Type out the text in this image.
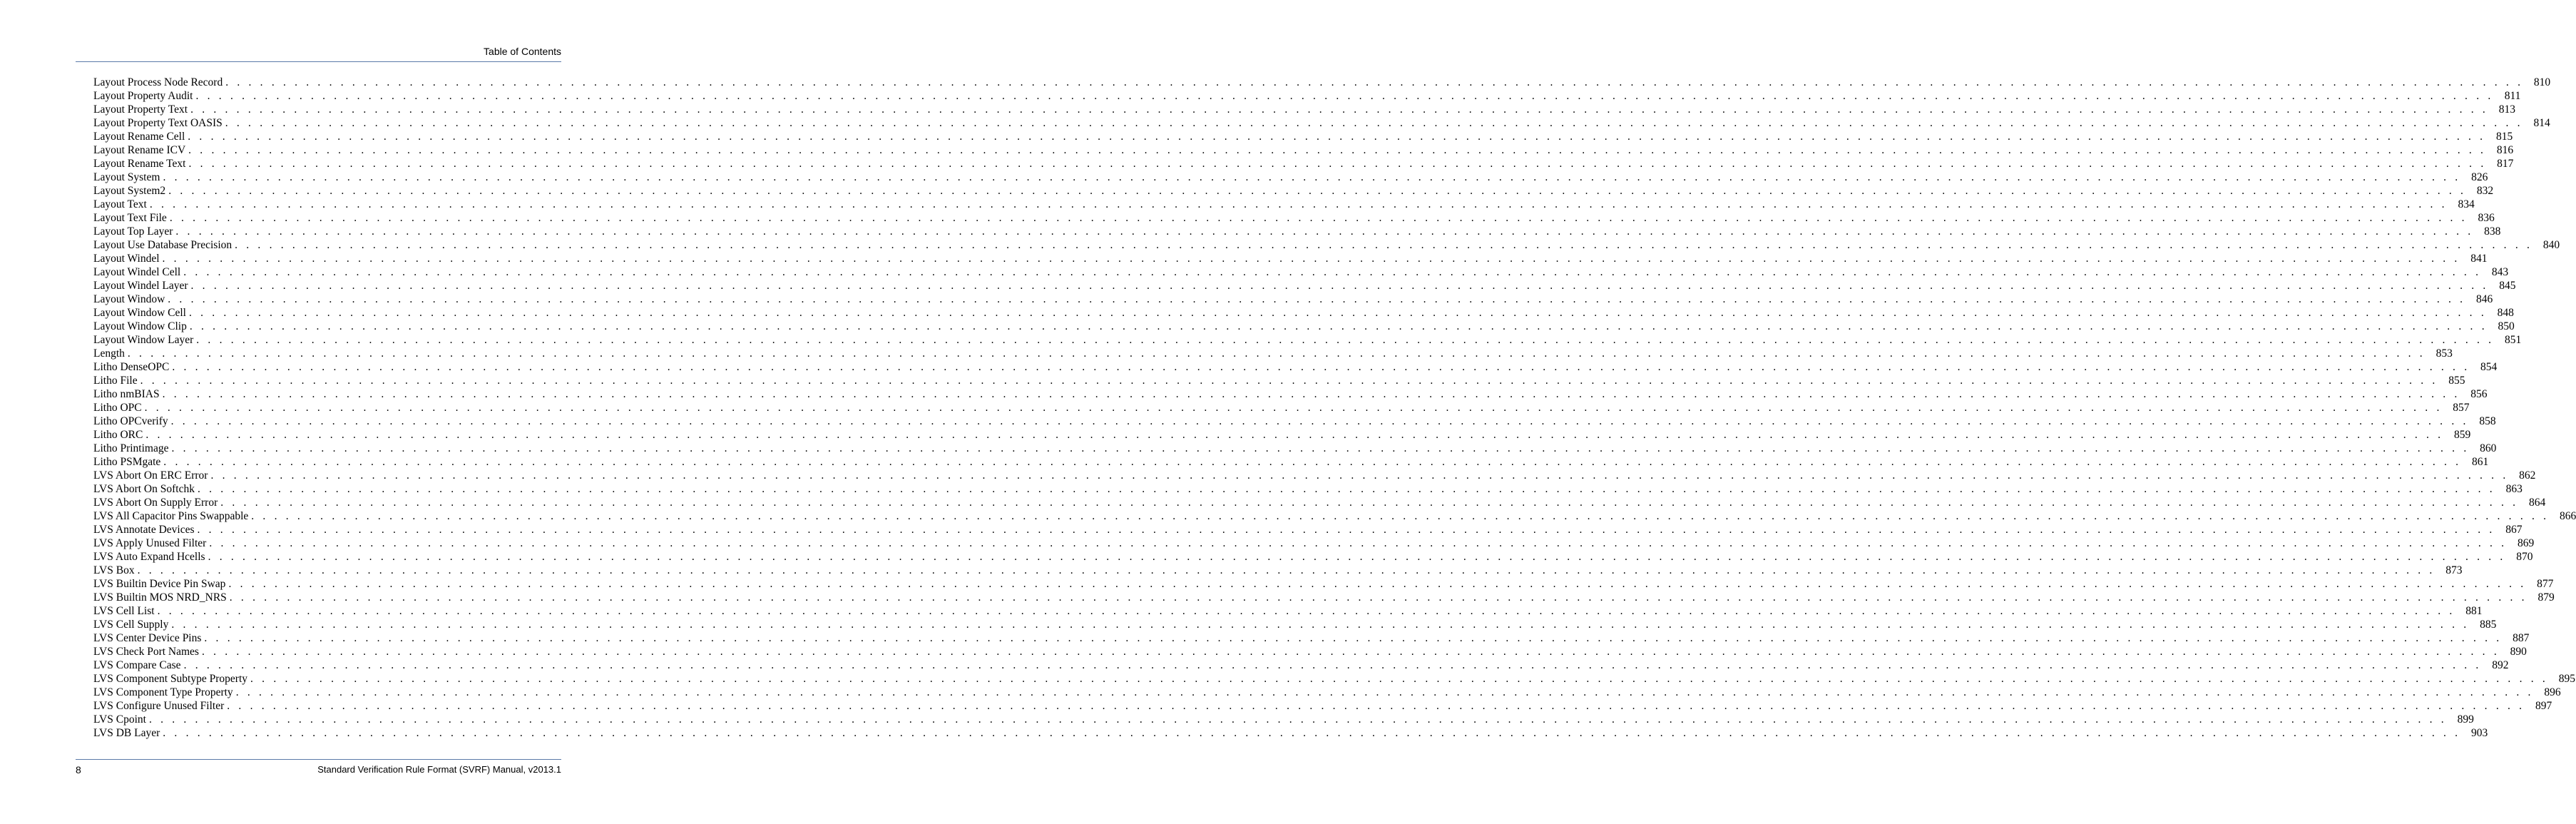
Table of Contents
Layout Process Node Record . . . . . . . . . . . . . . . . . . . . . . . . . . . . . . . . . . . . . . . . . . . . . . . . . . . . . . . . . . . . . . . . . . . . . . . . . . . . . . . . . . . . . . . . . . . . . . . . . . . . . . . . . . . . . . . . . . . . . . . . . . . . . . . . . . . . . . . . . . . . . . . . . . . . . . . . . . . . . . . . . . . . . . . . . . . . . . . . . . . . . . . . . . . . . . . . . . . . . . . . 810
Layout Property Audit . . . . . . . . . . . . . . . . . . . . . . . . . . . . . . . . . . . . . . . . . . . . . . . . . . . . . . . . . . . . . . . . . . . . . . . . . . . . . . . . . . . . . . . . . . . . . . . . . . . . . . . . . . . . . . . . . . . . . . . . . . . . . . . . . . . . . . . . . . . . . . . . . . . . . . . . . . . . . . . . . . . . . . . . . . . . . . . . . . . . . . . . . . . . . . . . . . . . . . . . 811
Layout Property Text . . . . . . . . . . . . . . . . . . . . . . . . . . . . . . . . . . . . . . . . . . . . . . . . . . . . . . . . . . . . . . . . . . . . . . . . . . . . . . . . . . . . . . . . . . . . . . . . . . . . . . . . . . . . . . . . . . . . . . . . . . . . . . . . . . . . . . . . . . . . . . . . . . . . . . . . . . . . . . . . . . . . . . . . . . . . . . . . . . . . . . . . . . . . . . . . . . . . . . . . 813
Layout Property Text OASIS . . . . . . . . . . . . . . . . . . . . . . . . . . . . . . . . . . . . . . . . . . . . . . . . . . . . . . . . . . . . . . . . . . . . . . . . . . . . . . . . . . . . . . . . . . . . . . . . . . . . . . . . . . . . . . . . . . . . . . . . . . . . . . . . . . . . . . . . . . . . . . . . . . . . . . . . . . . . . . . . . . . . . . . . . . . . . . . . . . . . . . . . . . . . . . . . . . . . . . . . 814
Layout Rename Cell . . . . . . . . . . . . . . . . . . . . . . . . . . . . . . . . . . . . . . . . . . . . . . . . . . . . . . . . . . . . . . . . . . . . . . . . . . . . . . . . . . . . . . . . . . . . . . . . . . . . . . . . . . . . . . . . . . . . . . . . . . . . . . . . . . . . . . . . . . . . . . . . . . . . . . . . . . . . . . . . . . . . . . . . . . . . . . . . . . . . . . . . . . . . . . . . . . . . . . . . 815
Layout Rename ICV . . . . . . . . . . . . . . . . . . . . . . . . . . . . . . . . . . . . . . . . . . . . . . . . . . . . . . . . . . . . . . . . . . . . . . . . . . . . . . . . . . . . . . . . . . . . . . . . . . . . . . . . . . . . . . . . . . . . . . . . . . . . . . . . . . . . . . . . . . . . . . . . . . . . . . . . . . . . . . . . . . . . . . . . . . . . . . . . . . . . . . . . . . . . . . . . . . . . . . . . 816
Layout Rename Text . . . . . . . . . . . . . . . . . . . . . . . . . . . . . . . . . . . . . . . . . . . . . . . . . . . . . . . . . . . . . . . . . . . . . . . . . . . . . . . . . . . . . . . . . . . . . . . . . . . . . . . . . . . . . . . . . . . . . . . . . . . . . . . . . . . . . . . . . . . . . . . . . . . . . . . . . . . . . . . . . . . . . . . . . . . . . . . . . . . . . . . . . . . . . . . . . . . . . . . . 817
Layout System . . . . . . . . . . . . . . . . . . . . . . . . . . . . . . . . . . . . . . . . . . . . . . . . . . . . . . . . . . . . . . . . . . . . . . . . . . . . . . . . . . . . . . . . . . . . . . . . . . . . . . . . . . . . . . . . . . . . . . . . . . . . . . . . . . . . . . . . . . . . . . . . . . . . . . . . . . . . . . . . . . . . . . . . . . . . . . . . . . . . . . . . . . . . . . . . . . . . . . . . 826
Layout System2 . . . . . . . . . . . . . . . . . . . . . . . . . . . . . . . . . . . . . . . . . . . . . . . . . . . . . . . . . . . . . . . . . . . . . . . . . . . . . . . . . . . . . . . . . . . . . . . . . . . . . . . . . . . . . . . . . . . . . . . . . . . . . . . . . . . . . . . . . . . . . . . . . . . . . . . . . . . . . . . . . . . . . . . . . . . . . . . . . . . . . . . . . . . . . . . . . . . . . . . . 832
Layout Text . . . . . . . . . . . . . . . . . . . . . . . . . . . . . . . . . . . . . . . . . . . . . . . . . . . . . . . . . . . . . . . . . . . . . . . . . . . . . . . . . . . . . . . . . . . . . . . . . . . . . . . . . . . . . . . . . . . . . . . . . . . . . . . . . . . . . . . . . . . . . . . . . . . . . . . . . . . . . . . . . . . . . . . . . . . . . . . . . . . . . . . . . . . . . . . . . . . . . . . . 834
Layout Text File . . . . . . . . . . . . . . . . . . . . . . . . . . . . . . . . . . . . . . . . . . . . . . . . . . . . . . . . . . . . . . . . . . . . . . . . . . . . . . . . . . . . . . . . . . . . . . . . . . . . . . . . . . . . . . . . . . . . . . . . . . . . . . . . . . . . . . . . . . . . . . . . . . . . . . . . . . . . . . . . . . . . . . . . . . . . . . . . . . . . . . . . . . . . . . . . . . . . . . . . 836
Layout Top Layer . . . . . . . . . . . . . . . . . . . . . . . . . . . . . . . . . . . . . . . . . . . . . . . . . . . . . . . . . . . . . . . . . . . . . . . . . . . . . . . . . . . . . . . . . . . . . . . . . . . . . . . . . . . . . . . . . . . . . . . . . . . . . . . . . . . . . . . . . . . . . . . . . . . . . . . . . . . . . . . . . . . . . . . . . . . . . . . . . . . . . . . . . . . . . . . . . . . . . . . . 838
Layout Use Database Precision . . . . . . . . . . . . . . . . . . . . . . . . . . . . . . . . . . . . . . . . . . . . . . . . . . . . . . . . . . . . . . . . . . . . . . . . . . . . . . . . . . . . . . . . . . . . . . . . . . . . . . . . . . . . . . . . . . . . . . . . . . . . . . . . . . . . . . . . . . . . . . . . . . . . . . . . . . . . . . . . . . . . . . . . . . . . . . . . . . . . . . . . . . . . . . . . . . . . . . . . 840
Layout Windel . . . . . . . . . . . . . . . . . . . . . . . . . . . . . . . . . . . . . . . . . . . . . . . . . . . . . . . . . . . . . . . . . . . . . . . . . . . . . . . . . . . . . . . . . . . . . . . . . . . . . . . . . . . . . . . . . . . . . . . . . . . . . . . . . . . . . . . . . . . . . . . . . . . . . . . . . . . . . . . . . . . . . . . . . . . . . . . . . . . . . . . . . . . . . . . . . . . . . . . . 841
Layout Windel Cell . . . . . . . . . . . . . . . . . . . . . . . . . . . . . . . . . . . . . . . . . . . . . . . . . . . . . . . . . . . . . . . . . . . . . . . . . . . . . . . . . . . . . . . . . . . . . . . . . . . . . . . . . . . . . . . . . . . . . . . . . . . . . . . . . . . . . . . . . . . . . . . . . . . . . . . . . . . . . . . . . . . . . . . . . . . . . . . . . . . . . . . . . . . . . . . . . . . . . . . . 843
Layout Windel Layer . . . . . . . . . . . . . . . . . . . . . . . . . . . . . . . . . . . . . . . . . . . . . . . . . . . . . . . . . . . . . . . . . . . . . . . . . . . . . . . . . . . . . . . . . . . . . . . . . . . . . . . . . . . . . . . . . . . . . . . . . . . . . . . . . . . . . . . . . . . . . . . . . . . . . . . . . . . . . . . . . . . . . . . . . . . . . . . . . . . . . . . . . . . . . . . . . . . . . . . . 845
Layout Window . . . . . . . . . . . . . . . . . . . . . . . . . . . . . . . . . . . . . . . . . . . . . . . . . . . . . . . . . . . . . . . . . . . . . . . . . . . . . . . . . . . . . . . . . . . . . . . . . . . . . . . . . . . . . . . . . . . . . . . . . . . . . . . . . . . . . . . . . . . . . . . . . . . . . . . . . . . . . . . . . . . . . . . . . . . . . . . . . . . . . . . . . . . . . . . . . . . . . . . . 846
Layout Window Cell . . . . . . . . . . . . . . . . . . . . . . . . . . . . . . . . . . . . . . . . . . . . . . . . . . . . . . . . . . . . . . . . . . . . . . . . . . . . . . . . . . . . . . . . . . . . . . . . . . . . . . . . . . . . . . . . . . . . . . . . . . . . . . . . . . . . . . . . . . . . . . . . . . . . . . . . . . . . . . . . . . . . . . . . . . . . . . . . . . . . . . . . . . . . . . . . . . . . . . . . 848
Layout Window Clip . . . . . . . . . . . . . . . . . . . . . . . . . . . . . . . . . . . . . . . . . . . . . . . . . . . . . . . . . . . . . . . . . . . . . . . . . . . . . . . . . . . . . . . . . . . . . . . . . . . . . . . . . . . . . . . . . . . . . . . . . . . . . . . . . . . . . . . . . . . . . . . . . . . . . . . . . . . . . . . . . . . . . . . . . . . . . . . . . . . . . . . . . . . . . . . . . . . . . . . . 850
Layout Window Layer . . . . . . . . . . . . . . . . . . . . . . . . . . . . . . . . . . . . . . . . . . . . . . . . . . . . . . . . . . . . . . . . . . . . . . . . . . . . . . . . . . . . . . . . . . . . . . . . . . . . . . . . . . . . . . . . . . . . . . . . . . . . . . . . . . . . . . . . . . . . . . . . . . . . . . . . . . . . . . . . . . . . . . . . . . . . . . . . . . . . . . . . . . . . . . . . . . . . . . . . 851
Length . . . . . . . . . . . . . . . . . . . . . . . . . . . . . . . . . . . . . . . . . . . . . . . . . . . . . . . . . . . . . . . . . . . . . . . . . . . . . . . . . . . . . . . . . . . . . . . . . . . . . . . . . . . . . . . . . . . . . . . . . . . . . . . . . . . . . . . . . . . . . . . . . . . . . . . . . . . . . . . . . . . . . . . . . . . . . . . . . . . . . . . . . . . . . . . . . . . . . . . . 853
Litho DenseOPC . . . . . . . . . . . . . . . . . . . . . . . . . . . . . . . . . . . . . . . . . . . . . . . . . . . . . . . . . . . . . . . . . . . . . . . . . . . . . . . . . . . . . . . . . . . . . . . . . . . . . . . . . . . . . . . . . . . . . . . . . . . . . . . . . . . . . . . . . . . . . . . . . . . . . . . . . . . . . . . . . . . . . . . . . . . . . . . . . . . . . . . . . . . . . . . . . . . . . . . . 854
Litho File . . . . . . . . . . . . . . . . . . . . . . . . . . . . . . . . . . . . . . . . . . . . . . . . . . . . . . . . . . . . . . . . . . . . . . . . . . . . . . . . . . . . . . . . . . . . . . . . . . . . . . . . . . . . . . . . . . . . . . . . . . . . . . . . . . . . . . . . . . . . . . . . . . . . . . . . . . . . . . . . . . . . . . . . . . . . . . . . . . . . . . . . . . . . . . . . . . . . . . . . 855
Litho nmBIAS . . . . . . . . . . . . . . . . . . . . . . . . . . . . . . . . . . . . . . . . . . . . . . . . . . . . . . . . . . . . . . . . . . . . . . . . . . . . . . . . . . . . . . . . . . . . . . . . . . . . . . . . . . . . . . . . . . . . . . . . . . . . . . . . . . . . . . . . . . . . . . . . . . . . . . . . . . . . . . . . . . . . . . . . . . . . . . . . . . . . . . . . . . . . . . . . . . . . . . . . 856
Litho OPC . . . . . . . . . . . . . . . . . . . . . . . . . . . . . . . . . . . . . . . . . . . . . . . . . . . . . . . . . . . . . . . . . . . . . . . . . . . . . . . . . . . . . . . . . . . . . . . . . . . . . . . . . . . . . . . . . . . . . . . . . . . . . . . . . . . . . . . . . . . . . . . . . . . . . . . . . . . . . . . . . . . . . . . . . . . . . . . . . . . . . . . . . . . . . . . . . . . . . . . . 857
Litho OPCverify . . . . . . . . . . . . . . . . . . . . . . . . . . . . . . . . . . . . . . . . . . . . . . . . . . . . . . . . . . . . . . . . . . . . . . . . . . . . . . . . . . . . . . . . . . . . . . . . . . . . . . . . . . . . . . . . . . . . . . . . . . . . . . . . . . . . . . . . . . . . . . . . . . . . . . . . . . . . . . . . . . . . . . . . . . . . . . . . . . . . . . . . . . . . . . . . . . . . . . . . 858
Litho ORC . . . . . . . . . . . . . . . . . . . . . . . . . . . . . . . . . . . . . . . . . . . . . . . . . . . . . . . . . . . . . . . . . . . . . . . . . . . . . . . . . . . . . . . . . . . . . . . . . . . . . . . . . . . . . . . . . . . . . . . . . . . . . . . . . . . . . . . . . . . . . . . . . . . . . . . . . . . . . . . . . . . . . . . . . . . . . . . . . . . . . . . . . . . . . . . . . . . . . . . . 859
Litho Printimage . . . . . . . . . . . . . . . . . . . . . . . . . . . . . . . . . . . . . . . . . . . . . . . . . . . . . . . . . . . . . . . . . . . . . . . . . . . . . . . . . . . . . . . . . . . . . . . . . . . . . . . . . . . . . . . . . . . . . . . . . . . . . . . . . . . . . . . . . . . . . . . . . . . . . . . . . . . . . . . . . . . . . . . . . . . . . . . . . . . . . . . . . . . . . . . . . . . . . . . . 860
Litho PSMgate . . . . . . . . . . . . . . . . . . . . . . . . . . . . . . . . . . . . . . . . . . . . . . . . . . . . . . . . . . . . . . . . . . . . . . . . . . . . . . . . . . . . . . . . . . . . . . . . . . . . . . . . . . . . . . . . . . . . . . . . . . . . . . . . . . . . . . . . . . . . . . . . . . . . . . . . . . . . . . . . . . . . . . . . . . . . . . . . . . . . . . . . . . . . . . . . . . . . . . . . 861
LVS Abort On ERC Error . . . . . . . . . . . . . . . . . . . . . . . . . . . . . . . . . . . . . . . . . . . . . . . . . . . . . . . . . . . . . . . . . . . . . . . . . . . . . . . . . . . . . . . . . . . . . . . . . . . . . . . . . . . . . . . . . . . . . . . . . . . . . . . . . . . . . . . . . . . . . . . . . . . . . . . . . . . . . . . . . . . . . . . . . . . . . . . . . . . . . . . . . . . . . . . . . . . . . . . . 862
LVS Abort On Softchk . . . . . . . . . . . . . . . . . . . . . . . . . . . . . . . . . . . . . . . . . . . . . . . . . . . . . . . . . . . . . . . . . . . . . . . . . . . . . . . . . . . . . . . . . . . . . . . . . . . . . . . . . . . . . . . . . . . . . . . . . . . . . . . . . . . . . . . . . . . . . . . . . . . . . . . . . . . . . . . . . . . . . . . . . . . . . . . . . . . . . . . . . . . . . . . . . . . . . . . . 863
LVS Abort On Supply Error . . . . . . . . . . . . . . . . . . . . . . . . . . . . . . . . . . . . . . . . . . . . . . . . . . . . . . . . . . . . . . . . . . . . . . . . . . . . . . . . . . . . . . . . . . . . . . . . . . . . . . . . . . . . . . . . . . . . . . . . . . . . . . . . . . . . . . . . . . . . . . . . . . . . . . . . . . . . . . . . . . . . . . . . . . . . . . . . . . . . . . . . . . . . . . . . . . . . . . . . 864
LVS All Capacitor Pins Swappable . . . . . . . . . . . . . . . . . . . . . . . . . . . . . . . . . . . . . . . . . . . . . . . . . . . . . . . . . . . . . . . . . . . . . . . . . . . . . . . . . . . . . . . . . . . . . . . . . . . . . . . . . . . . . . . . . . . . . . . . . . . . . . . . . . . . . . . . . . . . . . . . . . . . . . . . . . . . . . . . . . . . . . . . . . . . . . . . . . . . . . . . . . . . . . . . . . . . . . . . 866
LVS Annotate Devices . . . . . . . . . . . . . . . . . . . . . . . . . . . . . . . . . . . . . . . . . . . . . . . . . . . . . . . . . . . . . . . . . . . . . . . . . . . . . . . . . . . . . . . . . . . . . . . . . . . . . . . . . . . . . . . . . . . . . . . . . . . . . . . . . . . . . . . . . . . . . . . . . . . . . . . . . . . . . . . . . . . . . . . . . . . . . . . . . . . . . . . . . . . . . . . . . . . . . . . . 867
LVS Apply Unused Filter . . . . . . . . . . . . . . . . . . . . . . . . . . . . . . . . . . . . . . . . . . . . . . . . . . . . . . . . . . . . . . . . . . . . . . . . . . . . . . . . . . . . . . . . . . . . . . . . . . . . . . . . . . . . . . . . . . . . . . . . . . . . . . . . . . . . . . . . . . . . . . . . . . . . . . . . . . . . . . . . . . . . . . . . . . . . . . . . . . . . . . . . . . . . . . . . . . . . . . . . 869
LVS Auto Expand Hcells . . . . . . . . . . . . . . . . . . . . . . . . . . . . . . . . . . . . . . . . . . . . . . . . . . . . . . . . . . . . . . . . . . . . . . . . . . . . . . . . . . . . . . . . . . . . . . . . . . . . . . . . . . . . . . . . . . . . . . . . . . . . . . . . . . . . . . . . . . . . . . . . . . . . . . . . . . . . . . . . . . . . . . . . . . . . . . . . . . . . . . . . . . . . . . . . . . . . . . . . 870
LVS Box . . . . . . . . . . . . . . . . . . . . . . . . . . . . . . . . . . . . . . . . . . . . . . . . . . . . . . . . . . . . . . . . . . . . . . . . . . . . . . . . . . . . . . . . . . . . . . . . . . . . . . . . . . . . . . . . . . . . . . . . . . . . . . . . . . . . . . . . . . . . . . . . . . . . . . . . . . . . . . . . . . . . . . . . . . . . . . . . . . . . . . . . . . . . . . . . . . . . . . . . 873
LVS Builtin Device Pin Swap . . . . . . . . . . . . . . . . . . . . . . . . . . . . . . . . . . . . . . . . . . . . . . . . . . . . . . . . . . . . . . . . . . . . . . . . . . . . . . . . . . . . . . . . . . . . . . . . . . . . . . . . . . . . . . . . . . . . . . . . . . . . . . . . . . . . . . . . . . . . . . . . . . . . . . . . . . . . . . . . . . . . . . . . . . . . . . . . . . . . . . . . . . . . . . . . . . . . . . . . 877
LVS Builtin MOS NRD_NRS . . . . . . . . . . . . . . . . . . . . . . . . . . . . . . . . . . . . . . . . . . . . . . . . . . . . . . . . . . . . . . . . . . . . . . . . . . . . . . . . . . . . . . . . . . . . . . . . . . . . . . . . . . . . . . . . . . . . . . . . . . . . . . . . . . . . . . . . . . . . . . . . . . . . . . . . . . . . . . . . . . . . . . . . . . . . . . . . . . . . . . . . . . . . . . . . . . . . . . . . 879
LVS Cell List . . . . . . . . . . . . . . . . . . . . . . . . . . . . . . . . . . . . . . . . . . . . . . . . . . . . . . . . . . . . . . . . . . . . . . . . . . . . . . . . . . . . . . . . . . . . . . . . . . . . . . . . . . . . . . . . . . . . . . . . . . . . . . . . . . . . . . . . . . . . . . . . . . . . . . . . . . . . . . . . . . . . . . . . . . . . . . . . . . . . . . . . . . . . . . . . . . . . . . . . 881
LVS Cell Supply . . . . . . . . . . . . . . . . . . . . . . . . . . . . . . . . . . . . . . . . . . . . . . . . . . . . . . . . . . . . . . . . . . . . . . . . . . . . . . . . . . . . . . . . . . . . . . . . . . . . . . . . . . . . . . . . . . . . . . . . . . . . . . . . . . . . . . . . . . . . . . . . . . . . . . . . . . . . . . . . . . . . . . . . . . . . . . . . . . . . . . . . . . . . . . . . . . . . . . . . 885
LVS Center Device Pins . . . . . . . . . . . . . . . . . . . . . . . . . . . . . . . . . . . . . . . . . . . . . . . . . . . . . . . . . . . . . . . . . . . . . . . . . . . . . . . . . . . . . . . . . . . . . . . . . . . . . . . . . . . . . . . . . . . . . . . . . . . . . . . . . . . . . . . . . . . . . . . . . . . . . . . . . . . . . . . . . . . . . . . . . . . . . . . . . . . . . . . . . . . . . . . . . . . . . . . . 887
LVS Check Port Names . . . . . . . . . . . . . . . . . . . . . . . . . . . . . . . . . . . . . . . . . . . . . . . . . . . . . . . . . . . . . . . . . . . . . . . . . . . . . . . . . . . . . . . . . . . . . . . . . . . . . . . . . . . . . . . . . . . . . . . . . . . . . . . . . . . . . . . . . . . . . . . . . . . . . . . . . . . . . . . . . . . . . . . . . . . . . . . . . . . . . . . . . . . . . . . . . . . . . . . . 890
LVS Compare Case . . . . . . . . . . . . . . . . . . . . . . . . . . . . . . . . . . . . . . . . . . . . . . . . . . . . . . . . . . . . . . . . . . . . . . . . . . . . . . . . . . . . . . . . . . . . . . . . . . . . . . . . . . . . . . . . . . . . . . . . . . . . . . . . . . . . . . . . . . . . . . . . . . . . . . . . . . . . . . . . . . . . . . . . . . . . . . . . . . . . . . . . . . . . . . . . . . . . . . . . 892
LVS Component Subtype Property . . . . . . . . . . . . . . . . . . . . . . . . . . . . . . . . . . . . . . . . . . . . . . . . . . . . . . . . . . . . . . . . . . . . . . . . . . . . . . . . . . . . . . . . . . . . . . . . . . . . . . . . . . . . . . . . . . . . . . . . . . . . . . . . . . . . . . . . . . . . . . . . . . . . . . . . . . . . . . . . . . . . . . . . . . . . . . . . . . . . . . . . . . . . . . . . . . . . . . . . 895
LVS Component Type Property . . . . . . . . . . . . . . . . . . . . . . . . . . . . . . . . . . . . . . . . . . . . . . . . . . . . . . . . . . . . . . . . . . . . . . . . . . . . . . . . . . . . . . . . . . . . . . . . . . . . . . . . . . . . . . . . . . . . . . . . . . . . . . . . . . . . . . . . . . . . . . . . . . . . . . . . . . . . . . . . . . . . . . . . . . . . . . . . . . . . . . . . . . . . . . . . . . . . . . . . 896
LVS Configure Unused Filter . . . . . . . . . . . . . . . . . . . . . . . . . . . . . . . . . . . . . . . . . . . . . . . . . . . . . . . . . . . . . . . . . . . . . . . . . . . . . . . . . . . . . . . . . . . . . . . . . . . . . . . . . . . . . . . . . . . . . . . . . . . . . . . . . . . . . . . . . . . . . . . . . . . . . . . . . . . . . . . . . . . . . . . . . . . . . . . . . . . . . . . . . . . . . . . . . . . . . . . . 897
LVS Cpoint . . . . . . . . . . . . . . . . . . . . . . . . . . . . . . . . . . . . . . . . . . . . . . . . . . . . . . . . . . . . . . . . . . . . . . . . . . . . . . . . . . . . . . . . . . . . . . . . . . . . . . . . . . . . . . . . . . . . . . . . . . . . . . . . . . . . . . . . . . . . . . . . . . . . . . . . . . . . . . . . . . . . . . . . . . . . . . . . . . . . . . . . . . . . . . . . . . . . . . . . 899
LVS DB Layer . . . . . . . . . . . . . . . . . . . . . . . . . . . . . . . . . . . . . . . . . . . . . . . . . . . . . . . . . . . . . . . . . . . . . . . . . . . . . . . . . . . . . . . . . . . . . . . . . . . . . . . . . . . . . . . . . . . . . . . . . . . . . . . . . . . . . . . . . . . . . . . . . . . . . . . . . . . . . . . . . . . . . . . . . . . . . . . . . . . . . . . . . . . . . . . . . . . . . . . . 903
8	Standard Verification Rule Format (SVRF) Manual, v2013.1
